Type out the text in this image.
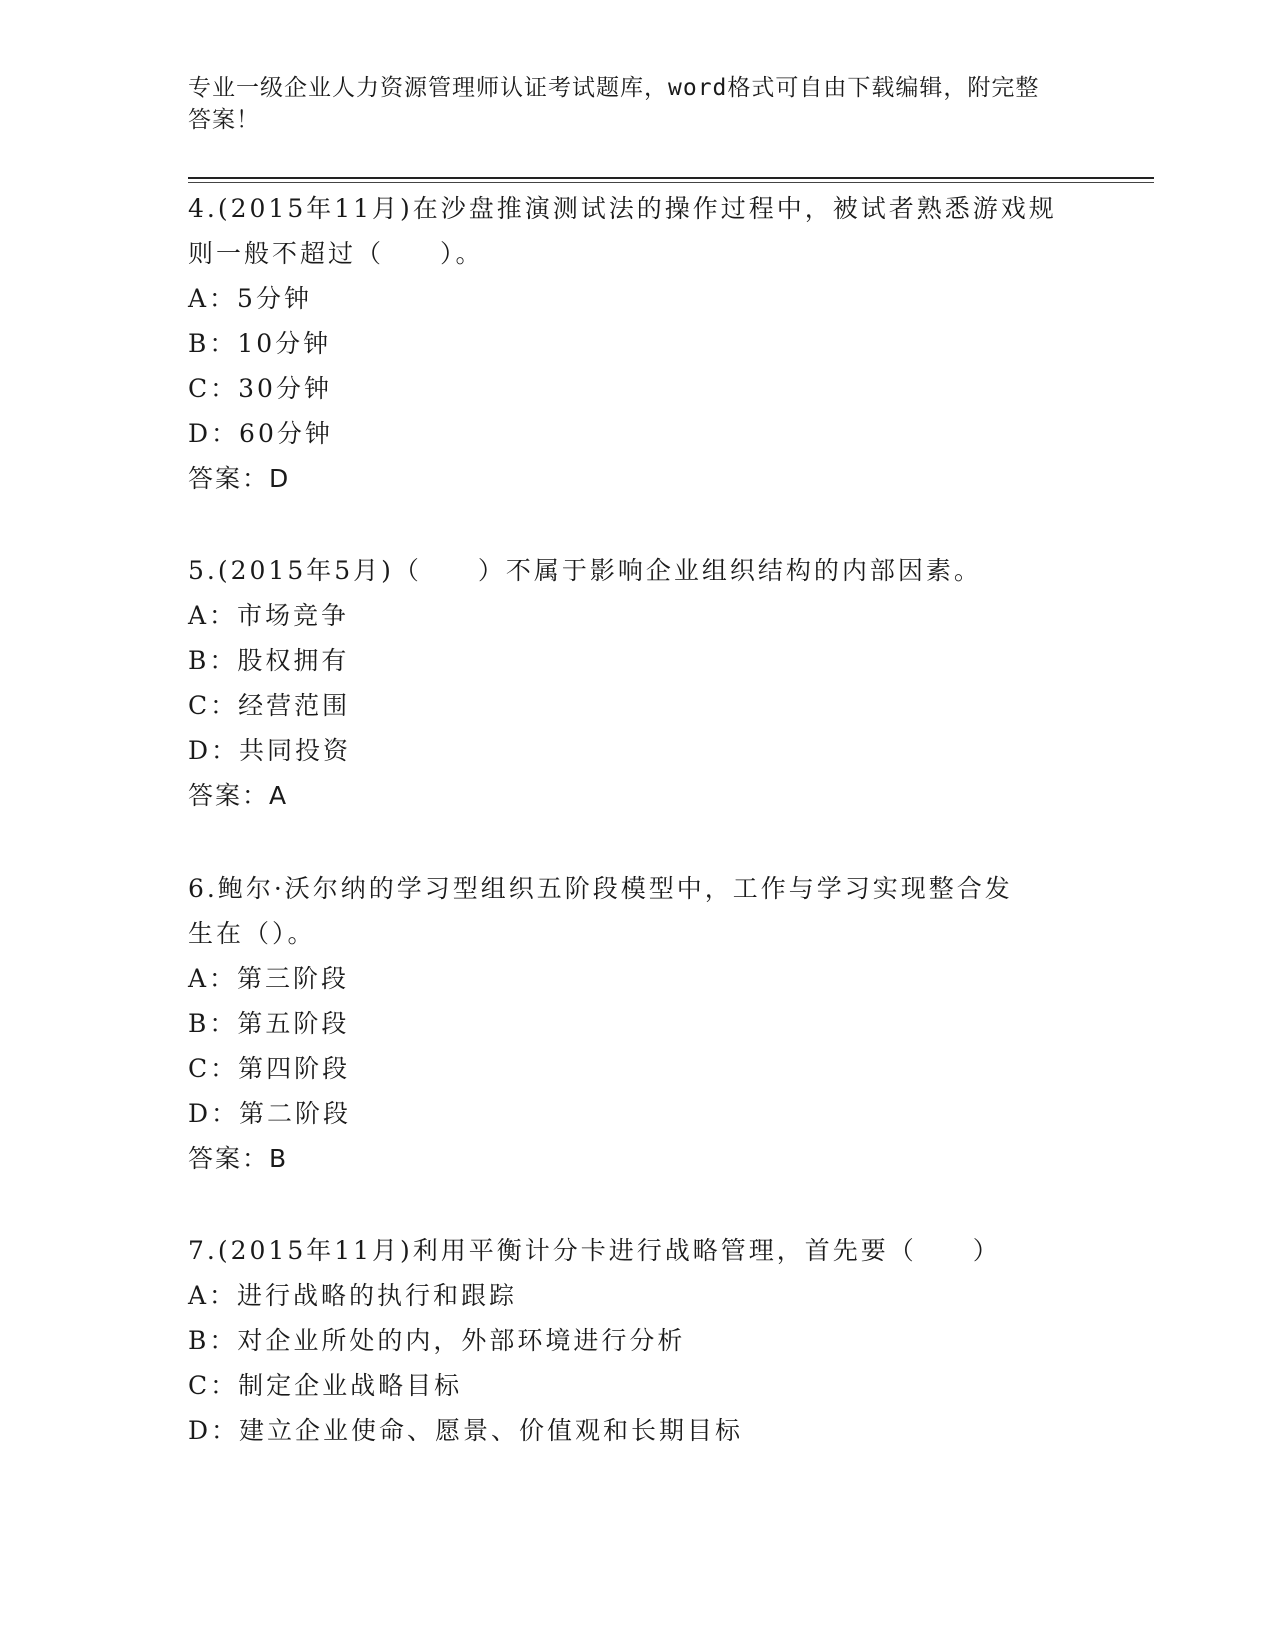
专业一级企业人力资源管理师认证考试题库，word格式可自由下载编辑，附完整
答案！
4.(2015年11月)在沙盘推演测试法的操作过程中，被试者熟悉游戏规
则一般不超过（　　）。
A：5分钟
B：10分钟
C：30分钟
D：60分钟
答案：D
5.(2015年5月)（　　）不属于影响企业组织结构的内部因素。
A：市场竞争
B：股权拥有
C：经营范围
D：共同投资
答案：A
6.鲍尔·沃尔纳的学习型组织五阶段模型中，工作与学习实现整合发
生在（）。
A：第三阶段
B：第五阶段
C：第四阶段
D：第二阶段
答案：B
7.(2015年11月)利用平衡计分卡进行战略管理，首先要（　　）
A：进行战略的执行和跟踪
B：对企业所处的内，外部环境进行分析
C：制定企业战略目标
D：建立企业使命、愿景、价值观和长期目标
